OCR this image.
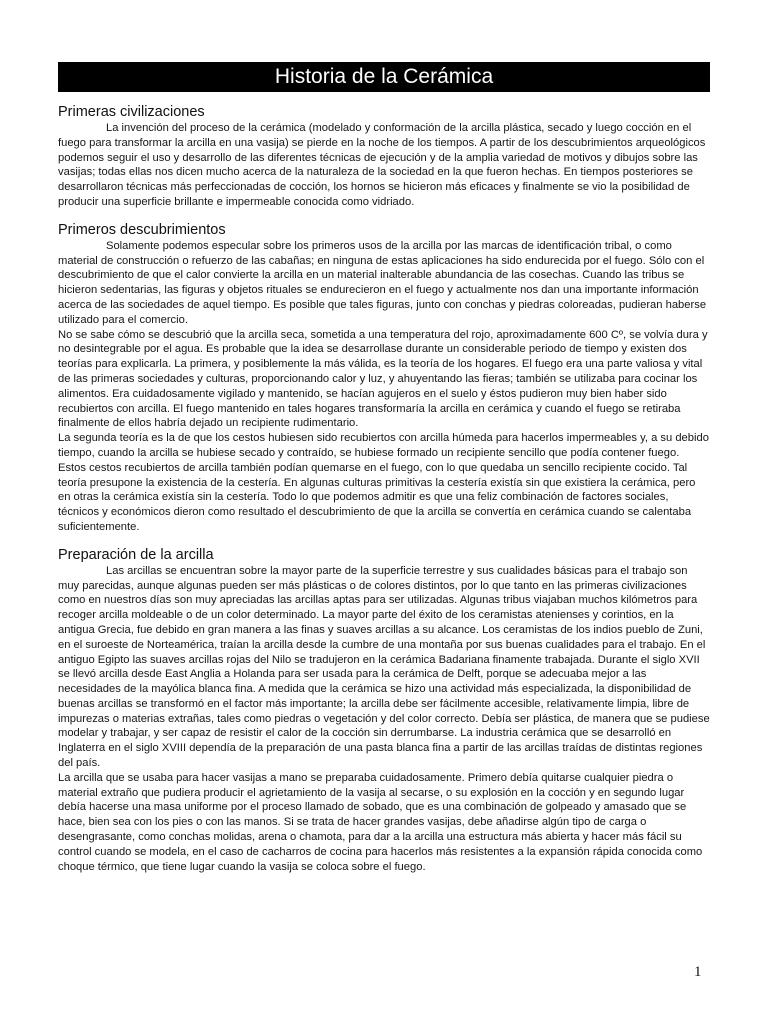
Historia de la Cerámica
Primeras civilizaciones

La invención del proceso de la cerámica (modelado y conformación de la arcilla plástica, secado y luego cocción en el fuego para transformar la arcilla en una vasija) se pierde en la noche de los tiempos. A partir de los descubrimientos arqueológicos podemos seguir el uso y desarrollo de las diferentes técnicas de ejecución y de la amplia variedad de motivos y dibujos sobre las vasijas; todas ellas nos dicen mucho acerca de la naturaleza de la sociedad en la que fueron hechas. En tiempos posteriores se desarrollaron técnicas más perfeccionadas de cocción, los hornos se hicieron más eficaces y finalmente se vio la posibilidad de producir una superficie brillante e impermeable conocida como vidriado.

Primeros descubrimientos

Solamente podemos especular sobre los primeros usos de la arcilla por las marcas de identificación tribal, o como material de construcción o refuerzo de las cabañas; en ninguna de estas aplicaciones ha sido endurecida por el fuego. Sólo con el descubrimiento de que el calor convierte la arcilla en un material inalterable abundancia de las cosechas. Cuando las tribus se hicieron sedentarias, las figuras y objetos rituales se endurecieron en el fuego y actualmente nos dan una importante información acerca de las sociedades de aquel tiempo. Es posible que tales figuras, junto con conchas y piedras coloreadas, pudieran haberse utilizado para el comercio.

No se sabe cómo se descubrió que la arcilla seca, sometida a una temperatura del rojo, aproximadamente 600 Cº, se volvía dura y no desintegrable por el agua. Es probable que la idea se desarrollase durante un considerable periodo de tiempo y existen dos teorías para explicarla. La primera, y posiblemente la más válida, es la teoría de los hogares. El fuego era una parte valiosa y vital de las primeras sociedades y culturas, proporcionando calor y luz, y ahuyentando las fieras; también se utilizaba para cocinar los alimentos. Era cuidadosamente vigilado y mantenido, se hacían agujeros en el suelo y éstos pudieron muy bien haber sido recubiertos con arcilla. El fuego mantenido en tales hogares transformaría la arcilla en cerámica y cuando el fuego se retiraba finalmente de ellos habría dejado un recipiente rudimentario.

La segunda teoría es la de que los cestos hubiesen sido recubiertos con arcilla húmeda para hacerlos impermeables y, a su debido tiempo, cuando la arcilla se hubiese secado y contraído, se hubiese formado un recipiente sencillo que podía contener fuego. Estos cestos recubiertos de arcilla también podían quemarse en el fuego, con lo que quedaba un sencillo recipiente cocido. Tal teoría presupone la existencia de la cestería. En algunas culturas primitivas la cestería existía sin que existiera la cerámica, pero en otras la cerámica existía sin la cestería. Todo lo que podemos admitir es que una feliz combinación de factores sociales, técnicos y económicos dieron como resultado el descubrimiento de que la arcilla se convertía en cerámica cuando se calentaba suficientemente.

Preparación de la arcilla

Las arcillas se encuentran sobre la mayor parte de la superficie terrestre y sus cualidades básicas para el trabajo son muy parecidas, aunque algunas pueden ser más plásticas o de colores distintos, por lo que tanto en las primeras civilizaciones como en nuestros días son muy apreciadas las arcillas aptas para ser utilizadas. Algunas tribus viajaban muchos kilómetros para recoger arcilla moldeable o de un color determinado. La mayor parte del éxito de los ceramistas atenienses y corintios, en la antigua Grecia, fue debido en gran manera a las finas y suaves arcillas a su alcance. Los ceramistas de los indios pueblo de Zuni, en el suroeste de Norteamérica, traían la arcilla desde la cumbre de una montaña por sus buenas cualidades para el trabajo. En el antiguo Egipto las suaves arcillas rojas del Nilo se tradujeron en la cerámica Badariana finamente trabajada. Durante el siglo XVII se llevó arcilla desde East Anglia a Holanda para ser usada para la cerámica de Delft, porque se adecuaba mejor a las necesidades de la mayólica blanca fina. A medida que la cerámica se hizo una actividad más especializada, la disponibilidad de buenas arcillas se transformó en el factor más importante; la arcilla debe ser fácilmente accesible, relativamente limpia, libre de impurezas o materias extrañas, tales como piedras o vegetación y del color correcto. Debía ser plástica, de manera que se pudiese modelar y trabajar, y ser capaz de resistir el calor de la cocción sin derrumbarse. La industria cerámica que se desarrolló en Inglaterra en el siglo XVIII dependía de la preparación de una pasta blanca fina a partir de las arcillas traídas de distintas regiones del país.

La arcilla que se usaba para hacer vasijas a mano se preparaba cuidadosamente. Primero debía quitarse cualquier piedra o material extraño que pudiera producir el agrietamiento de la vasija al secarse, o su explosión en la cocción y en segundo lugar debía hacerse una masa uniforme por el proceso llamado de sobado, que es una combinación de golpeado y amasado que se hace, bien sea con los pies o con las manos. Si se trata de hacer grandes vasijas, debe añadirse algún tipo de carga o desengrasante, como conchas molidas, arena o chamota, para dar a la arcilla una estructura más abierta y hacer más fácil su control cuando se modela, en el caso de cacharros de cocina para hacerlos más resistentes a la expansión rápida conocida como choque térmico, que tiene lugar cuando la vasija se coloca sobre el fuego.

1
